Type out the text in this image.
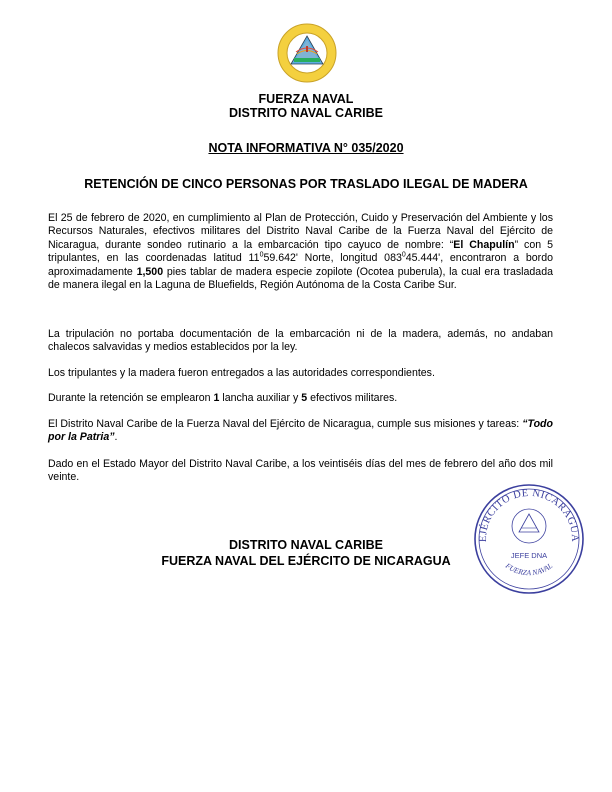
FUERZA NAVAL
DISTRITO NAVAL CARIBE
NOTA INFORMATIVA N° 035/2020
RETENCIÓN DE CINCO PERSONAS POR TRASLADO ILEGAL DE MADERA

El 25 de febrero de 2020, en cumplimiento al Plan de Protección, Cuido y Preservación del Ambiente y los Recursos Naturales, efectivos militares del Distrito Naval Caribe de la Fuerza Naval del Ejército de Nicaragua, durante sondeo rutinario a la embarcación tipo cayuco de nombre: “El Chapulín” con 5 tripulantes, en las coordenadas latitud $11^059.642'$ Norte, longitud $083^045.444'$, encontraron a bordo aproximadamente 1,500 pies tablar de madera especie zopilote (Ocotea puberula), la cual era trasladada de manera ilegal en la Laguna de Bluefields, Región Autónoma de la Costa Caribe Sur.

La tripulación no portaba documentación de la embarcación ni de la madera, además, no andaban chalecos salvavidas y medios establecidos por la ley.

Los tripulantes y la madera fueron entregados a las autoridades correspondientes.

Durante la retención se emplearon 1 lancha auxiliar y 5 efectivos militares.

El Distrito Naval Caribe de la Fuerza Naval del Ejército de Nicaragua, cumple sus misiones y tareas: “Todo por la Patria”.

Dado en el Estado Mayor del Distrito Naval Caribe, a los veintiséis días del mes de febrero del año dos mil veinte.

DISTRITO NAVAL CARIBE
FUERZA NAVAL DEL EJÉRCITO DE NICARAGUA
EJÉRCITO DE NICARAGUA
JEFE DNA
FUERZA NAVAL
